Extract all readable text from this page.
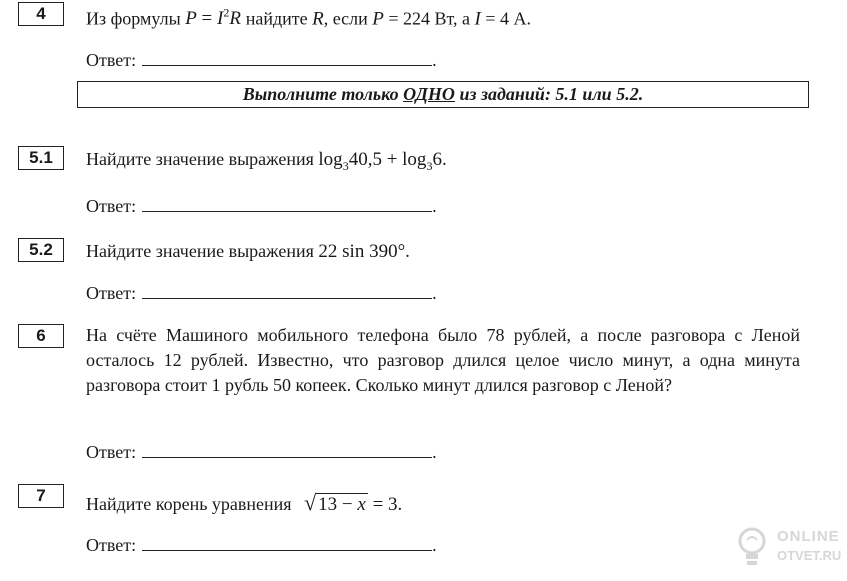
4	Из формулы $P = I^2R$ найдите R, если P = 224 Вт, а I = 4 А.
Ответ:	.
Выполните только ОДНО из заданий: 5.1 или 5.2.
5.1	Найдите значение выражения $\log_340,5 + \log_36$.
Ответ:	.
5.2	Найдите значение выражения 22 sin 390°.
Ответ:	.
6	На счёте Машиного мобильного телефона было 78 рублей, а после разговора с Леной осталось 12 рублей. Известно, что разговор длился целое число минут, а одна минута разговора стоит 1 рубль 50 копеек. Сколько минут длился разговор с Леной?
Ответ:	.
7	Найдите корень уравнения √ 13 − x = 3.
Ответ:	.	ONLINE
OTVET.RU
